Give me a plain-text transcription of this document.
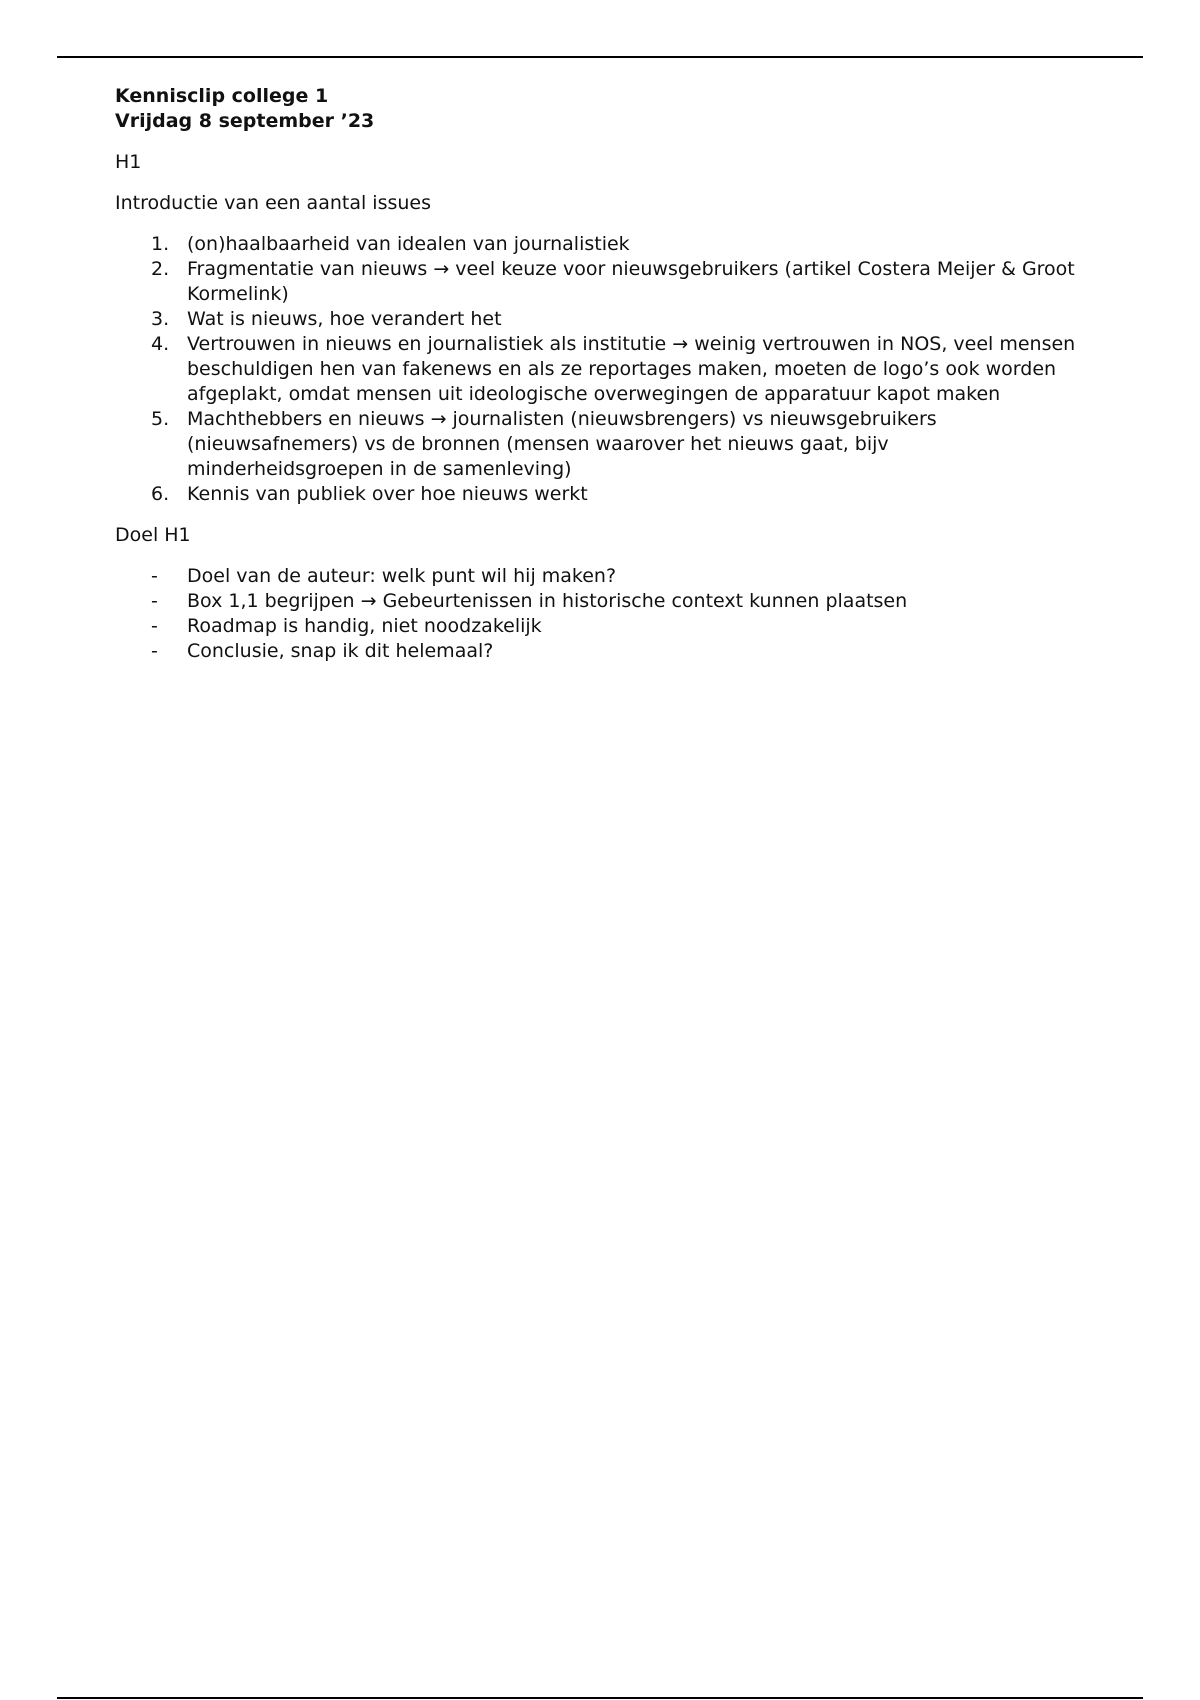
Kennisclip college 1

Vrijdag 8 september ’23

H1

Introductie van een aantal issues

1. (on)haalbaarheid van idealen van journalistiek
2. Fragmentatie van nieuws → veel keuze voor nieuwsgebruikers (artikel Costera Meijer & Groot Kormelink)
3. Wat is nieuws, hoe verandert het
4. Vertrouwen in nieuws en journalistiek als institutie → weinig vertrouwen in NOS, veel mensen beschuldigen hen van fakenews en als ze reportages maken, moeten de logo’s ook worden afgeplakt, omdat mensen uit ideologische overwegingen de apparatuur kapot maken
5. Machthebbers en nieuws → journalisten (nieuwsbrengers) vs nieuwsgebruikers (nieuwsafnemers) vs de bronnen (mensen waarover het nieuws gaat, bijv minderheidsgroepen in de samenleving)
6. Kennis van publiek over hoe nieuws werkt

Doel H1

- Doel van de auteur: welk punt wil hij maken?
- Box 1,1 begrijpen → Gebeurtenissen in historische context kunnen plaatsen
- Roadmap is handig, niet noodzakelijk
- Conclusie, snap ik dit helemaal?
